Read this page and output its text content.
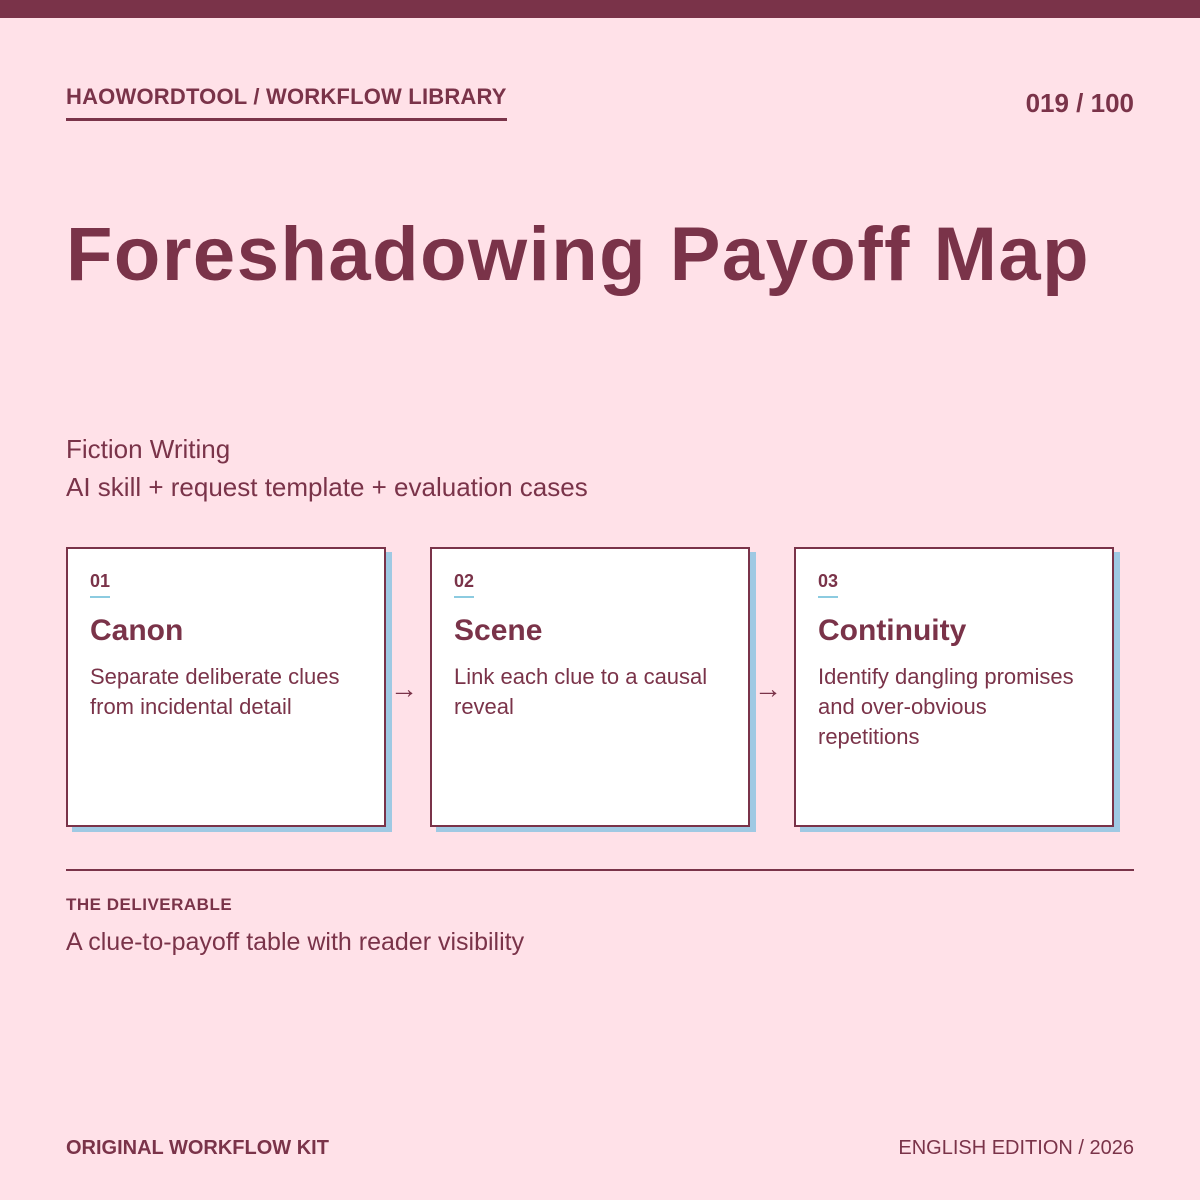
HAOWORDTOOL / WORKFLOW LIBRARY	019 / 100
Foreshadowing Payoff Map
Fiction Writing
AI skill + request template + evaluation cases
01
Canon
Separate deliberate clues from incidental detail
→
02
Scene
Link each clue to a causal reveal
→
03
Continuity
Identify dangling promises and over-obvious repetitions
THE DELIVERABLE
A clue-to-payoff table with reader visibility
ORIGINAL WORKFLOW KIT	ENGLISH EDITION / 2026
